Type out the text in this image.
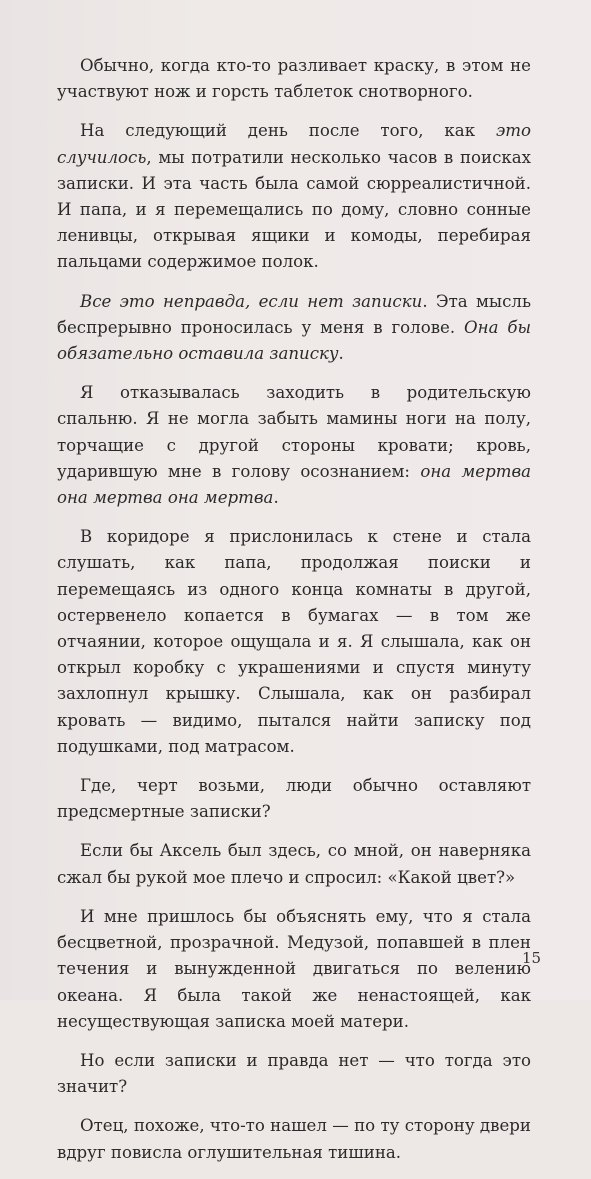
Обычно, когда кто-то разливает краску, в этом не участвуют нож и горсть таблеток снотворного.

На следующий день после того, как это случилось, мы потратили несколько часов в поисках записки. И эта часть была самой сюрреалистичной. И папа, и я перемещались по дому, словно сонные ленивцы, открывая ящики и комоды, перебирая пальцами содержимое полок.

Все это неправда, если нет записки. Эта мысль беспрерывно проносилась у меня в голове. Она бы обязательно оставила записку.

Я отказывалась заходить в родительскую спальню. Я не могла забыть мамины ноги на полу, торчащие с другой стороны кровати; кровь, ударившую мне в голову осознанием: она мертва она мертва она мертва.

В коридоре я прислонилась к стене и стала слушать, как папа, продолжая поиски и перемещаясь из одного конца комнаты в другой, остервенело копается в бумагах — в том же отчаянии, которое ощущала и я. Я слышала, как он открыл коробку с украшениями и спустя минуту захлопнул крышку. Слышала, как он разбирал кровать — видимо, пытался найти записку под подушками, под матрасом.

Где, черт возьми, люди обычно оставляют предсмертные записки?

Если бы Аксель был здесь, со мной, он наверняка сжал бы рукой мое плечо и спросил: «Какой цвет?»

И мне пришлось бы объяснять ему, что я стала бесцветной, прозрачной. Медузой, попавшей в плен течения и вынужденной двигаться по велению океана. Я была такой же ненастоящей, как несуществующая записка моей матери.

Но если записки и правда нет — что тогда это значит?

Отец, похоже, что-то нашел — по ту сторону двери вдруг повисла оглушительная тишина.

15
